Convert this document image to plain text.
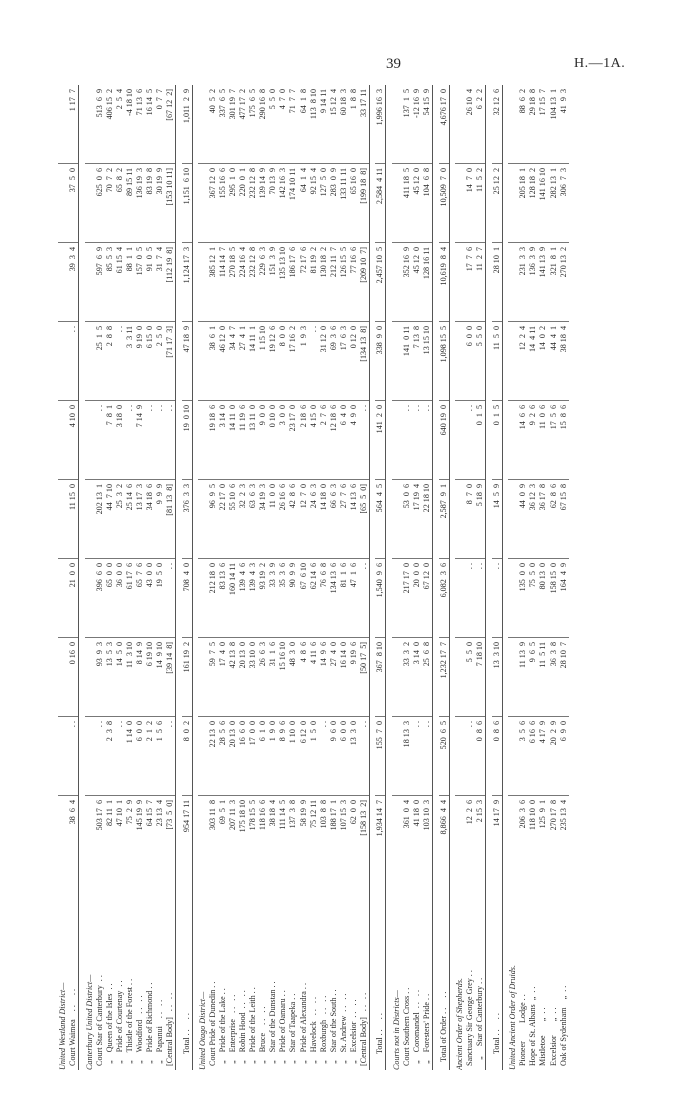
39	H.—1A.
United Westland District— Court Waimea    . .     . .
38  6  4
. .
0 16  0
21  0  0
11 15  0
4 10  0
. .
39  3  4
37  5  0
1 17  7
Canterbury United District— Court Star of Canterbury  . .
503 17  6
. .
93  9  3
396  6  0
202 13  1
. .
25  1  5
597  6  9
625  0  6
513  6  9
„    Queen of the Isles  . .
82 11  1
2  3  8
13  5  3
65  0  0
44  7 10
7  8  1
2  8  8
85  5  3
70  7  2
406 15  2
„    Pride of Courtenay  . .
47 10  1
. .
14  5  0
36  0  0
25  3  2
3 18  0
. .
61 15  4
65  8  2
2  5  4
„    Thistle of the Forest . .
75  2  9
1 14  0
11  3 10
61 17  6
25 14  6
. .
3  3 11
88  1  1
89 15 11
-4 18 10
„    Woodford   . .   . .
145 19  9
6  0  0
8 14  9
65  7  6
13 17  3
7 14  9
9 19  0
157  0  5
136 19  3
71 13  6
„    Pride of Richmond . .
64 15  7
2  1  2
6 19 10
43  0  0
34 18  6
. .
6 15  0
91  0  5
83 19  8
16 14  5
„    Papanui    . .   . .
23 13  4
1  5  6
14  9 10
19  5  0
9  9  9
. .
2  5  0
31  7  4
30 19  9
0  7  7
[Central Body]   . .   . .
[73  5  0]
. .
[39 14  8]
. .
[81 13  8]
. .
[71 17  3]
[112 19  8]
[153 10 11]
[67 12  2]
Total . .     . .
954 17 11
8  0  2
161 19  2
708  4  0
376  3  3
19  0 10
47 18  9
1,124 17  3
1,151  6 10
1,011  2  9
United Otago District— Court Pride of Dunedin . .
303 11  8
22 13  0
59  7  5
212 18  0
96  9  5
19 18  6
38  6  1
385 12  1
367 12  0
40  5  2
„    Pride of the Lake . .
69  5  1
28  5  6
17  4  0
83 13  6
22 17  0
3 14  0
46 12  0
114 14  7
155 16  6
337  6  5
„    Enterprise   . .   . .
207 11  3
20 13  0
42 13  8
160 14 11
55 10  6
14 11  0
34  4  7
270 18  5
295  1  0
301 19  7
„    Robin Hood  . .   . .
175 18 10
16  6  0
20 13  0
139  4  6
32  2  3
11 19  6
27  4  1
224 16  4
220  0  1
477 17  2
„    Pride of the Leith . .
178 15  5
17  0  0
33 10  0
139  4  3
63  6  3
13 11  0
14 11  1
232 12  8
232 12  8
175  6  5
„    Bruce    . .   . .
118 16  6
6  1  0
26  6  3
93 19  2
34 19  3
9  0  0
1 15 10
229  6  3
139 14  9
290 16  8
„    Star of the Dunstan . .
38 18  4
1  9  0
31  1  6
33  3  9
11  0  0
0 10  0
19 12  6
151  3  9
70 13  9
5  5  0
„    Pride of Oamaru . .
111 14  5
8  9  6
15 16 10
35  3  6
26 16  6
3  0  0
8  0  0
135 13 10
142 16  3
4  7  0
„    Star of Taapeka . .
137  3  8
1 10  0
48  3  0
90  9  9
42  8  6
23 17  0
17 16  2
186 17  6
174 10 11
71  7  7
„    Pride of Alexandra . .
58 19  9
6 12  0
4  8  6
67  6 10
12  7  0
2 18  6
1  9  3
72 17  6
64  1  4
64  1  8
„    Havelock   . .   . .
75 12 11
1  5  0
4 11  6
62 14  6
24  6  3
4 15  0
. .
81 19  2
92 15  4
113  8 10
„    Roxburgh   . .   . .
103  8  8
. .
14  9  6
76  6  8
14 18  0
2  7  6
31 12  0
130 18  2
127  5  0
9 14 11
„    Star of the South . .
188 17  1
9  6  0
27  4  0
134 13  6
66  6  3
12 18  6
69  3  6
212 11  7
283  0  9
15 12  4
„    St. Andrew  . .   . .
107 15  3
6  0  0
16 14  0
81  1  6
27  7  6
6  4  0
17  6  3
126 15  5
133 11 11
60 18  3
„    Excelsior  . .   . .
62  0  0
13  3  0
9 19  6
47  1  6
14 13  6
4  9  0
0 12  0
77 16  6
65 16  0
1  8  8
[Central Body]   . .   . .
[158 13  2]
. .
[50 17  5]
. .
[65  5  0]
. .
[134 13  8]
[209 10  7]
[199 18  8]
33 17 11
Total . .     . .
1,934 14  7
155  7  0
367  8 10
1,540  9  6
564  4  5
141  2  0
338  9  0
2,457 10  5
2,584  4 11
1,996 16  3
Courts not in Districts— Court Southern Cross . .
361  0  4
18 13  3
33  3  2
217 17  0
53  0  6
. .
141  0 11
352 16  9
411 18  5
137  1  5
„    Coromandel  . .   . .
41 18  0
. .
3 14  0
20  0  0
17 19  4
. .
7 13  8
45 12  0
45 12  0
-12 16  9
„    Foresters' Pride . .
103 10  3
. .
25  6  8
67 12  0
22 18 10
. .
13 15 10
128 16 11
104  6  8
54 15  9
Total of Order . .     . .
8,866  4  4
520  6  5
1,232 17  7
6,082  3  6
2,587  9  1
640 19  0
1,098 15  5
10,619  8  4
10,509  7  0
4,676 17  0
Ancient Order of Shepherds. Sanctuary Sir George Grey . .
12  2  6
. .
5  5  0
. .
8  7  0
. .
6  0  0
17  7  6
14  7  0
26 10  4
„     Star of Canterbury . .
2 15  3
0  8  6
7 18 10
. .
5 18  9
0  1  5
5  5  0
11  2  7
11  5  2
6  2  2
Total . .     . .
14 17  9
0  8  6
13  3 10
. .
14  5  9
0  1  5
11  5  0
28 10  1
25 12  2
32 12  6
United Ancient Order of Druids. Pioneer         Lodge . .
206  3  6
3  5  6
11 13  9
135  0  0
44  0  9
14  6  6
12  2  4
231  3  3
205 18  1
88  6  2
Hope of St. Albans  „  . .
118 10  0
6 16  6
9  6  5
75  5  0
36 12  3
9  2  6
14  4 11
136  3  9
128 18  2
29 18  8
Mistletoe       „  . .
125  9  1
4 17  9
11  5 11
80 13  0
36 17  8
11  0  6
14  0  2
141 13  9
141 16 10
17 15  7
Excelsior       „  . .
270 17  8
20  2  9
36  3  8
158 15  0
62  8  6
17  5  6
44  4  1
321  8  1
282 13  1
104 13  1
Oak of Sydenham    „  . .
235 13  4
6  9  0
28 10  7
164  4  9
67 15  8
15  8  6
38 18  4
270 13  2
306  7  3
41  9  3
